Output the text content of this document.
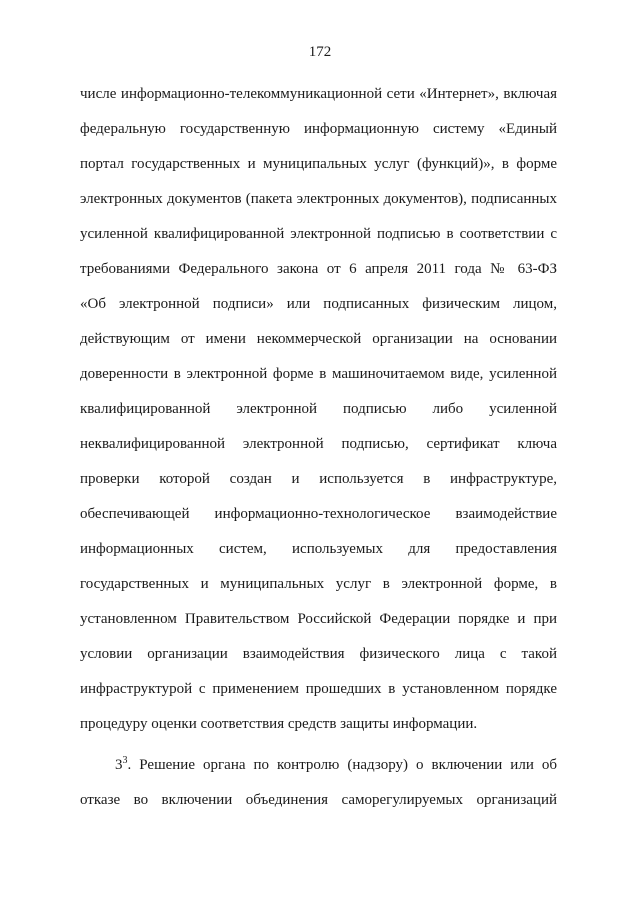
172
числе информационно-телекоммуникационной сети «Интернет», включая
федеральную государственную информационную систему «Единый
портал государственных и муниципальных услуг (функций)», в форме
электронных документов (пакета электронных документов), подписанных
усиленной квалифицированной электронной подписью в соответствии с
требованиями Федерального закона от 6 апреля 2011 года № 63-ФЗ
«Об электронной подписи» или подписанных физическим лицом,
действующим от имени некоммерческой организации на основании
доверенности в электронной форме в машиночитаемом виде, усиленной
квалифицированной электронной подписью либо усиленной
неквалифицированной электронной подписью, сертификат ключа
проверки которой создан и используется в инфраструктуре,
обеспечивающей информационно-технологическое взаимодействие
информационных систем, используемых для предоставления
государственных и муниципальных услуг в электронной форме, в
установленном Правительством Российской Федерации порядке и при
условии организации взаимодействия физического лица с такой
инфраструктурой с применением прошедших в установленном порядке
процедуру оценки соответствия средств защиты информации.
$3^3$. Решение органа по контролю (надзору) о включении или об
отказе во включении объединения саморегулируемых организаций
